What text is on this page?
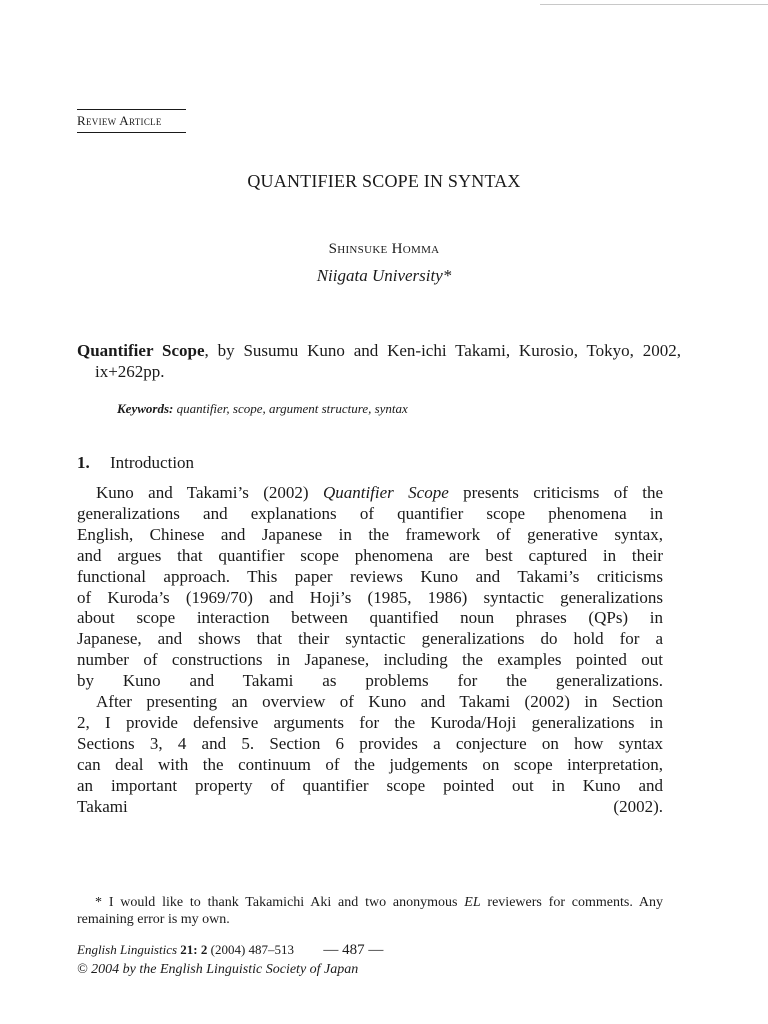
Review Article
QUANTIFIER SCOPE IN SYNTAX
Shinsuke Homma
Niigata University*
Quantifier Scope, by Susumu Kuno and Ken-ichi Takami, Kurosio, Tokyo, 2002, ix+262pp.
Keywords: quantifier, scope, argument structure, syntax
1. Introduction

Kuno and Takami’s (2002) Quantifier Scope presents criticisms of the
generalizations and explanations of quantifier scope phenomena in
English, Chinese and Japanese in the framework of generative syntax,
and argues that quantifier scope phenomena are best captured in their
functional approach. This paper reviews Kuno and Takami’s criticisms
of Kuroda’s (1969/70) and Hoji’s (1985, 1986) syntactic generalizations
about scope interaction between quantified noun phrases (QPs) in
Japanese, and shows that their syntactic generalizations do hold for a
number of constructions in Japanese, including the examples pointed out
by Kuno and Takami as problems for the generalizations.

After presenting an overview of Kuno and Takami (2002) in Section
2, I provide defensive arguments for the Kuroda/Hoji generalizations in
Sections 3, 4 and 5. Section 6 provides a conjecture on how syntax
can deal with the continuum of the judgements on scope interpretation,
an important property of quantifier scope pointed out in Kuno and
Takami (2002).

* I would like to thank Takamichi Aki and two anonymous EL reviewers for comments. Any remaining error is my own.
English Linguistics 21: 2 (2004) 487–513 — 487 —
© 2004 by the English Linguistic Society of Japan
